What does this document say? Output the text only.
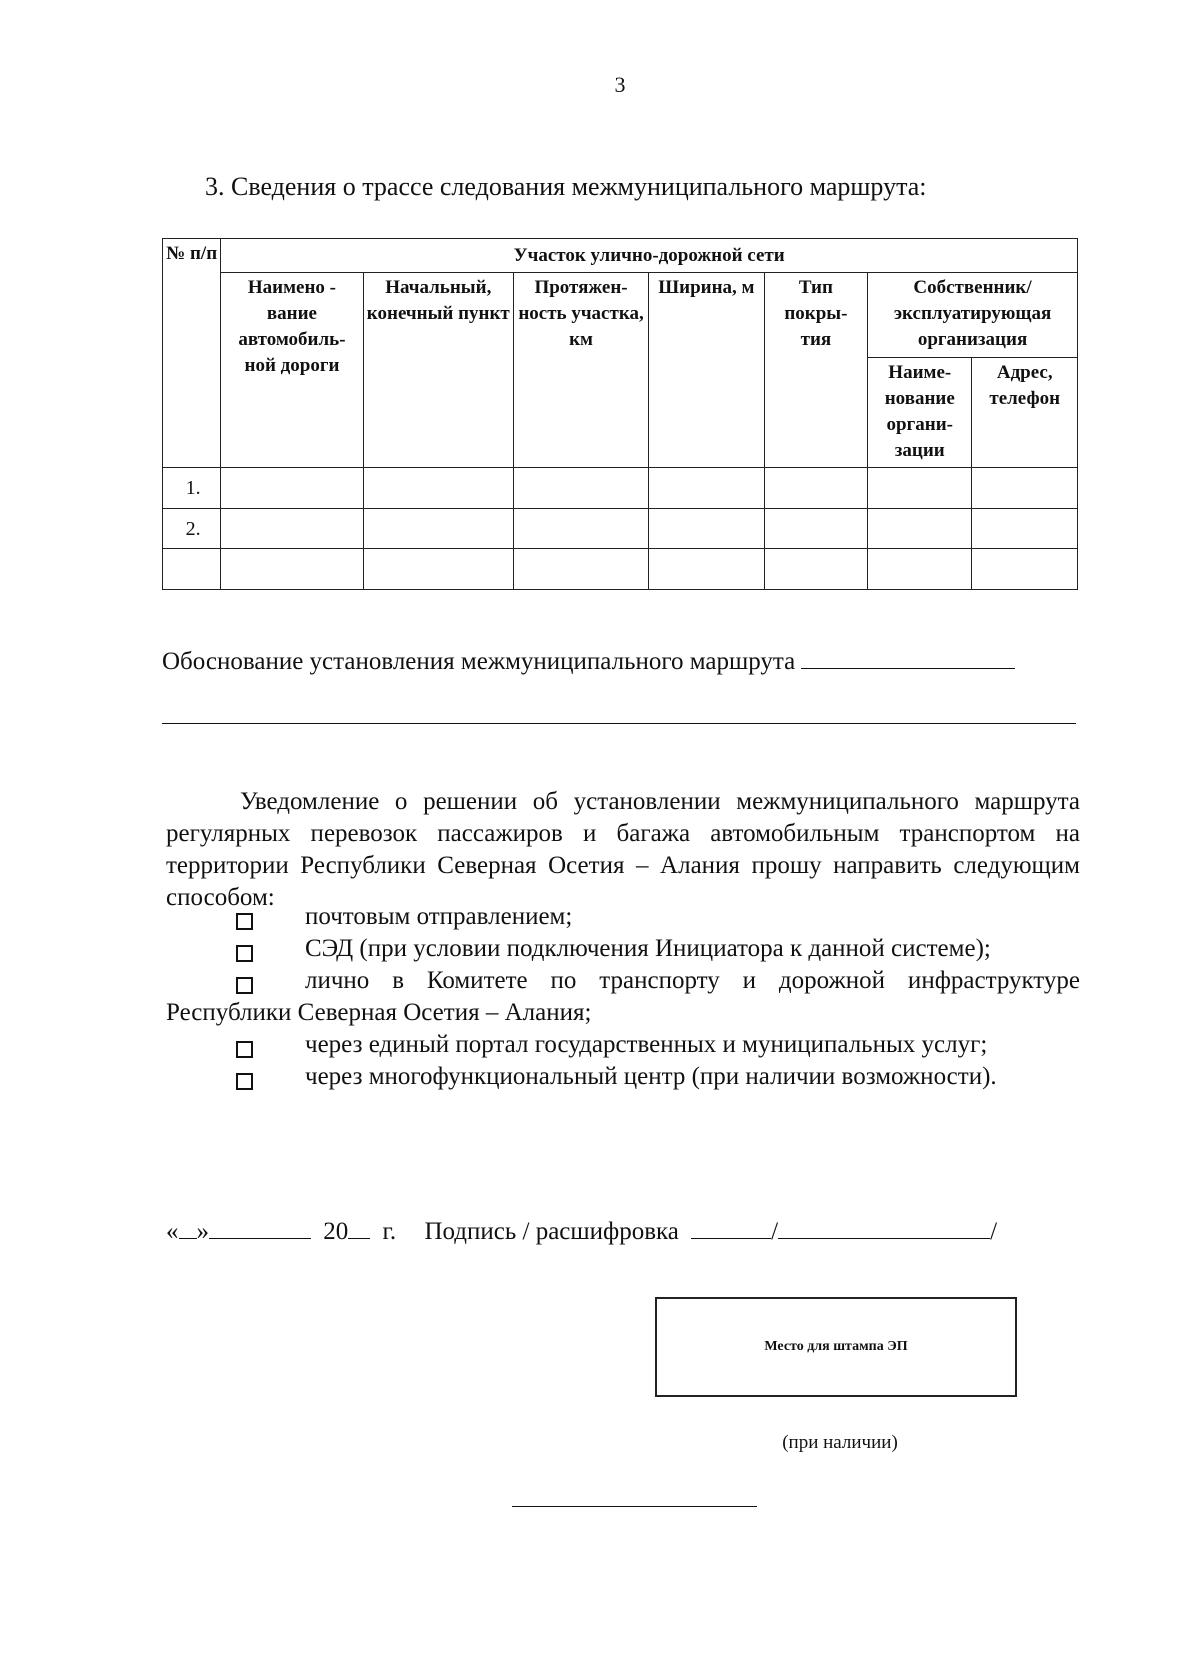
3
3. Сведения о трассе следования межмуниципального маршрута:
№ п/п	Участок улично-дорожной сети						
	Наимено - вание автомобиль- ной дороги	Начальный, конечный пункт	Протяжен- ность участка, км	Ширина, м	Тип покры- тия	Собственник/ эксплуатирующая организация	
						Наиме- нование органи- зации	Адрес, телефон
1.							
2.							

Обоснование установления межмуниципального маршрута

Уведомление о решении об установлении межмуниципального маршрута регулярных перевозок пассажиров и багажа автомобильным транспортом на территории Республики Северная Осетия – Алания прошу направить следующим способом:

почтовым отправлением;
СЭД (при условии подключения Инициатора к данной системе);
лично в Комитете по транспорту и дорожной инфраструктуре
Республики Северная Осетия – Алания;
через единый портал государственных и муниципальных услуг;
через многофункциональный центр (при наличии возможности).
« »	20 г. Подпись / расшифровка	/	/
Место для штампа ЭП
(при наличии)
